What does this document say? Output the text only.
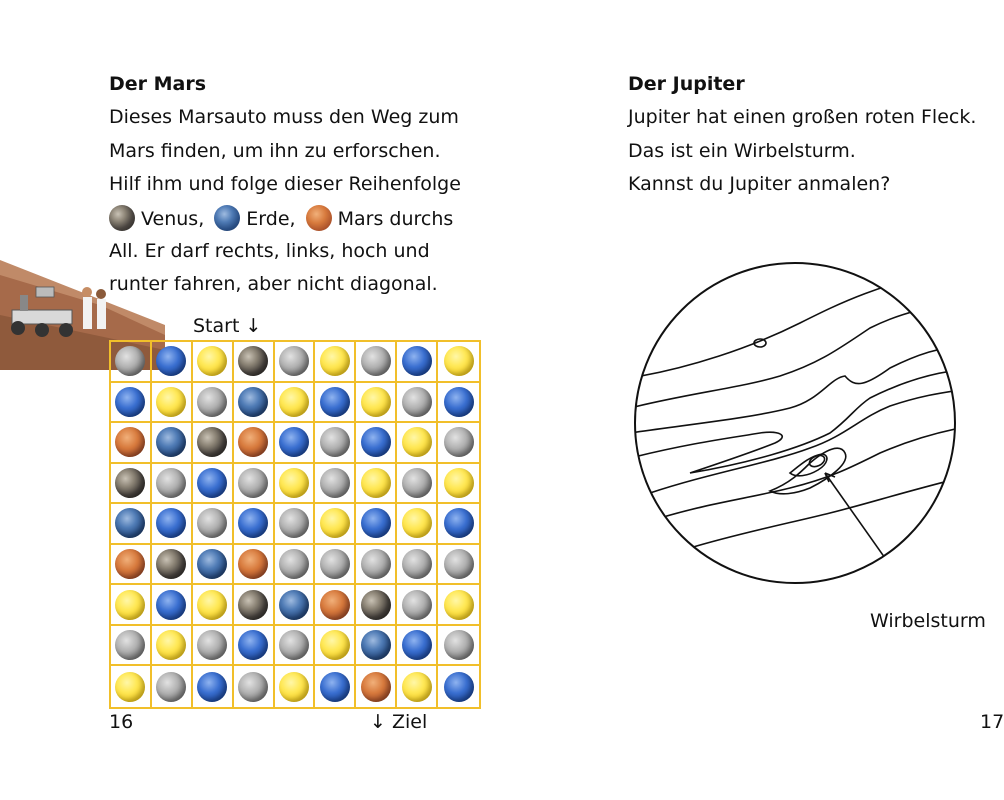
Der Mars
Dieses Marsauto muss den Weg zum
Mars finden, um ihn zu erforschen.
Hilf ihm und folge dieser Reihenfolge
Venus, Erde, Mars durchs
All. Er darf rechts, links, hoch und
runter fahren, aber nicht diagonal.
Start ↓
16	↓ Ziel
Der Jupiter
Jupiter hat einen großen roten Fleck.
Das ist ein Wirbelsturm.
Kannst du Jupiter anmalen?
Wirbelsturm
17
